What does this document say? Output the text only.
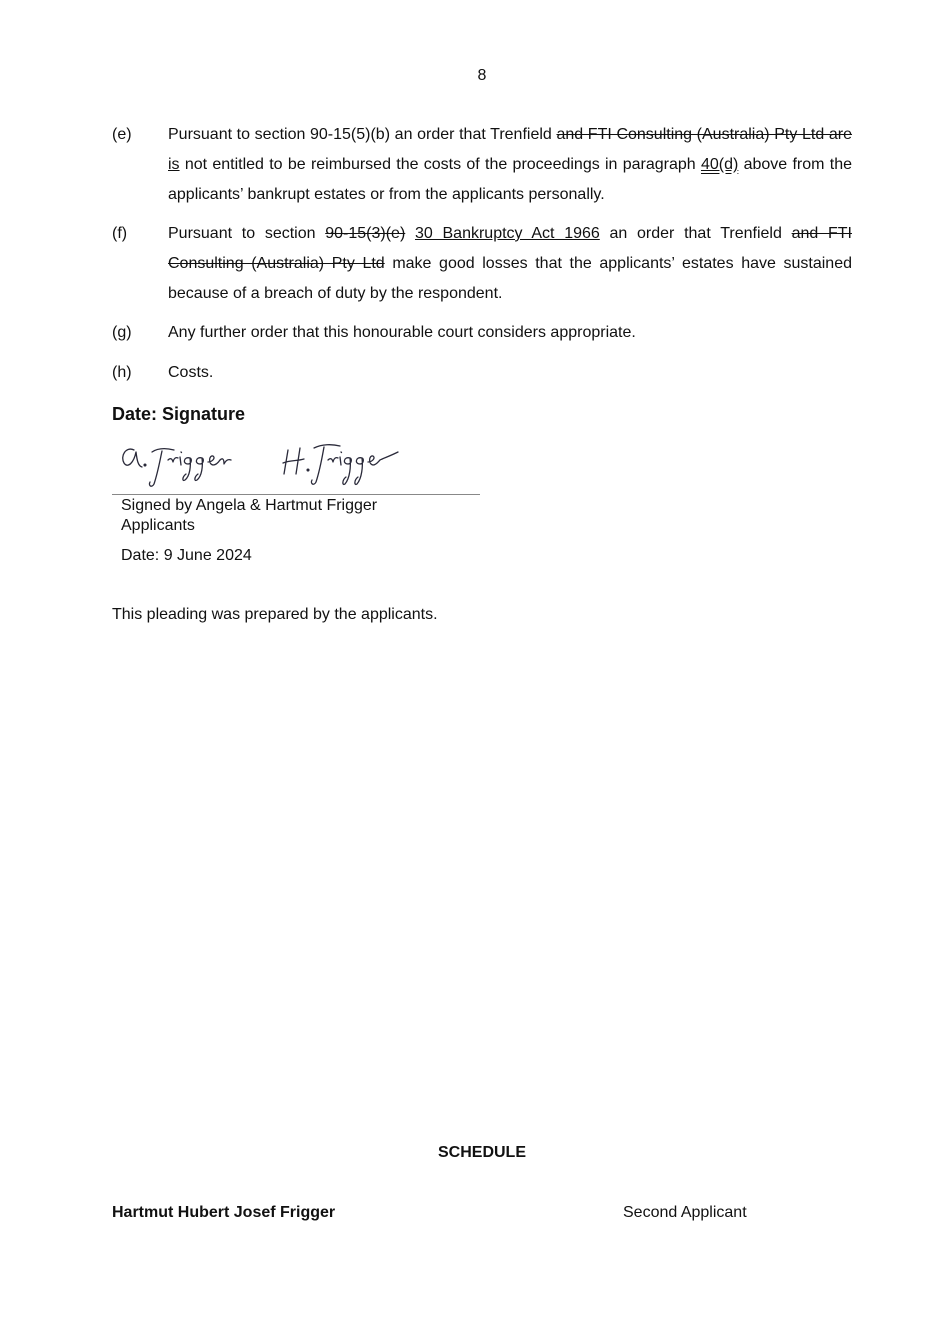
8
(e) Pursuant to section 90-15(5)(b) an order that Trenfield and FTI Consulting (Australia) Pty Ltd are is not entitled to be reimbursed the costs of the proceedings in paragraph 40(d) above from the applicants’ bankrupt estates or from the applicants personally.
(f)	Pursuant to section 90-15(3)(e) 30 Bankruptcy Act 1966 an order that Trenfield and FTI Consulting (Australia) Pty Ltd make good losses that the applicants’ estates have sustained because of a breach of duty by the respondent.
(g) Any further order that this honourable court considers appropriate.
(h) Costs.
Date: Signature
Signed by Angela & Hartmut Frigger
Applicants
Date: 9 June 2024
This pleading was prepared by the applicants.
SCHEDULE
Hartmut Hubert Josef Frigger	Second Applicant
